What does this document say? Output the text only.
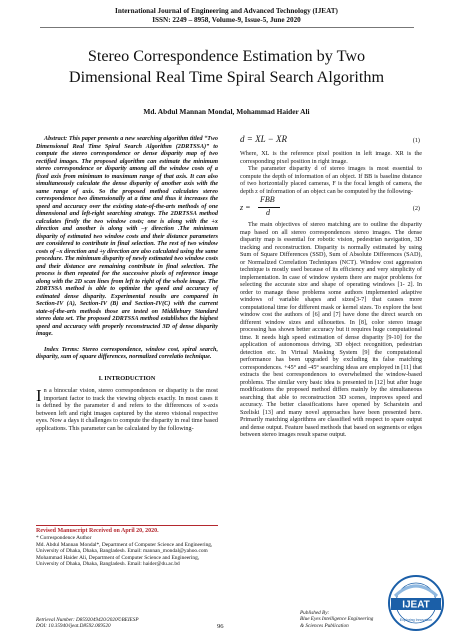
International Journal of Engineering and Advanced Technology (IJEAT)
ISSN: 2249 – 8958, Volume-9, Issue-5, June 2020
Stereo Correspondence Estimation by Two
Dimensional Real Time Spiral Search Algorithm
Md. Abdul Mannan Mondal, Mohammad Haider Ali

Abstract: This paper presents a new searching algorithm titled “Two Dimensional Real Time Spiral Search Algorithm (2DRTSSA)” to compute the stereo correspondence or dense disparity map of two rectified images. The proposed algorithm can estimate the minimum stereo correspondence or disparity among all the window costs of a fixed axis from minimum to maximum range of that axis. It can also simultaneously calculate the dense disparity of another axis with the same range of axis. So the proposed method calculates stereo correspondence two dimensionally at a time and thus it increases the speed and accuracy over the existing state-of-the-arts methods of one dimensional and left-right searching strategy. The 2DRTSSA method calculates firstly the two window costs; one is along with the +x direction and another is along with –y direction .The minimum disparity of estimated two window costs and their distance parameters are considered to contribute in final selection. The rest of two window costs of –x direction and +y direction are also calculated using the same procedure. The minimum disparity of newly estimated two window costs and their distance are remaining contribute in final selection. The process is then repeated for the successive pixels of reference image along with the 2D scan lines from left to right of the whole image. The 2DRTSSA method is able to optimize the speed and accuracy of estimated dense disparity. Experimental results are compared in Section-IV (A), Section-IV (B) and Section-IV(C) with the current state-of-the-arts methods those are tested on Middlebury Standard stereo data set. The proposed 2DRTSSA method establishes the highest speed and accuracy with properly reconstructed 3D of dense disparity image.

Index Terms: Stereo correspondence, window cost, spiral search, disparity, sum of square differences, normalized correlatio technique.

I. INTRODUCTION

In a binocular vision, stereo correspondences or disparity is the most important factor to track the viewing objects exactly. In most cases it is defined by the parameter d and refers to the differences of x-axis between left and right images captured by the stereo visional respective eyes. Now a days it challenges to compute the disparity in real time based applications. This parameter can be calculated by the following-

Revised Manuscript Received on April 20, 2020.
* Correspondence Author
Md. Abdul Mannan Mondal*, Department of Computer Science and Engineering, University of Dhaka, Dhaka, Bangladesh. Email: mannan_mondal@yahoo.com
Mohammad Haider Ali, Department of Computer Science and Engineering, University of Dhaka, Dhaka, Bangladesh. Email: haider@du.ac.bd
d = XL − XR	(1)

Where, XL is the reference pixel position in left image. XR is the corresponding pixel position in right image.

The parameter disparity d of stereo images is most essential to compute the depth of information of an object. If BB is baseline distance of two horizontally placed cameras, F is the focal length of camera, the depth z of information of an object can be computed by the following-

z =
FBB
d	(2)

The main objectives of stereo matching are to outline the disparity map based on all stereo correspondences stereo images. The dense disparity map is essential for robotic vision, pedestrian navigation, 3D tracking and reconstruction. Disparity is normally estimated by using Sum of Square Differences (SSD), Sum of Absolute Differences (SAD), or Normalized Correlation Techniques (NCT). Window cost aggression technique is mostly used because of its efficiency and very simplicity of implementation. In case of window system there are major problems for selecting the accurate size and shape of operating windows [1- 2]. In order to manage these problems some authors implemented adaptive windows of variable shapes and sizes[3-7] that causes more computational time for different mask or kernel sizes. To explore the best window cost the authors of [6] and [7] have done the direct search on different window sizes and silhouettes. In [8], color stereo image processing has shown better accuracy but it requires huge computational time. It needs high speed estimation of dense disparity [9-10] for the application of autonomous driving, 3D object recognition, pedestrian detection etc. In Virtual Masking System [9] the computational performance has been upgraded by excluding its false matching correspondences. +45° and -45° searching ideas are employed in [11] that extracts the best correspondences to overwhelmed the window-based problems. The similar very basic idea is presented in [12] but after huge modifications the proposed method differs mainly by the simultaneous searching that able to reconstruction 3D scenes, improves speed and accuracy. The better classifications have opened by Scharstein and Szeliski [13] and many novel approaches have been presented here. Primarily matching algorithms are classified with respect to spare output and dense output. Feature based methods that based on segments or edges between stereo images result sparse output.

Retrieval Number: D8592049420/2020©BEIESP
DOI: 10.35940/ijeat.D8592.069520	96
Published By:
Blue Eyes Intelligence Engineering
& Sciences Publication
IJEAT
Exploring Innovation
